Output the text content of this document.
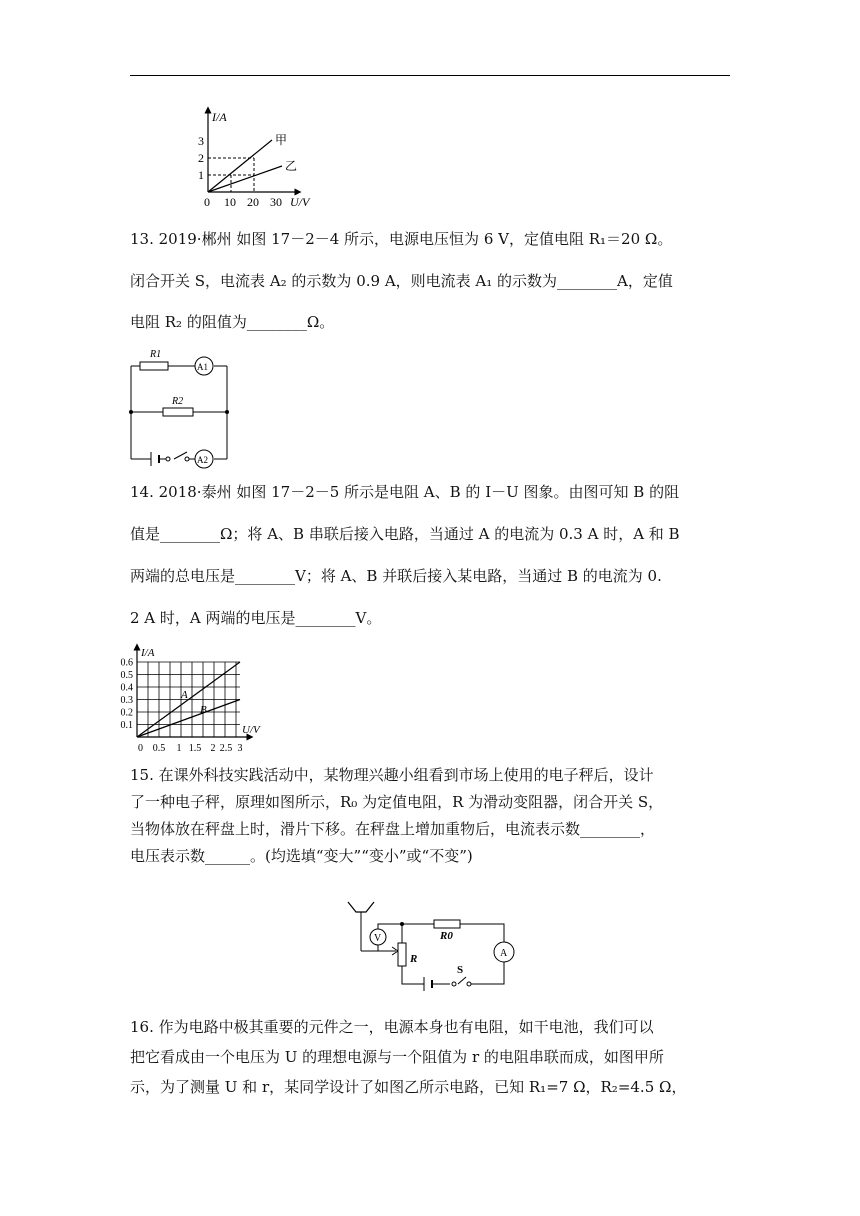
I/A
3
2
1
0 10 20 30 U/V
甲
乙
13. 2019·郴州 如图 17－2－4 所示，电源电压恒为 6 V，定值电阻 R₁＝20 Ω。
闭合开关 S，电流表 A₂ 的示数为 0.9 A，则电流表 A₁ 的示数为________A，定值
电阻 R₂ 的阻值为________Ω。
R1
A1
R2
A2
14. 2018·泰州 如图 17－2－5 所示是电阻 A、B 的 I－U 图象。由图可知 B 的阻
值是________Ω；将 A、B 串联后接入电路，当通过 A 的电流为 0.3 A 时，A 和 B
两端的总电压是________V；将 A、B 并联后接入某电路，当通过 B 的电流为 0.
2 A 时，A 两端的电压是________V。
A
B
I/A
0.1
0.2
0.3
0.4
0.5
0.6
0 0.5 1 1.5 2 2.5 3
U/V
15. 在课外科技实践活动中，某物理兴趣小组看到市场上使用的电子秤后，设计
了一种电子秤，原理如图所示，R₀ 为定值电阻，R 为滑动变阻器，闭合开关 S，
当物体放在秤盘上时，滑片下移。在秤盘上增加重物后，电流表示数________，
电压表示数______。(均选填“变大”“变小”或“不变”)
V
A
R0
R
S
16. 作为电路中极其重要的元件之一，电源本身也有电阻，如干电池，我们可以
把它看成由一个电压为 U 的理想电源与一个阻值为 r 的电阻串联而成，如图甲所
示，为了测量 U 和 r，某同学设计了如图乙所示电路，已知 R₁=7 Ω，R₂=4.5 Ω，
